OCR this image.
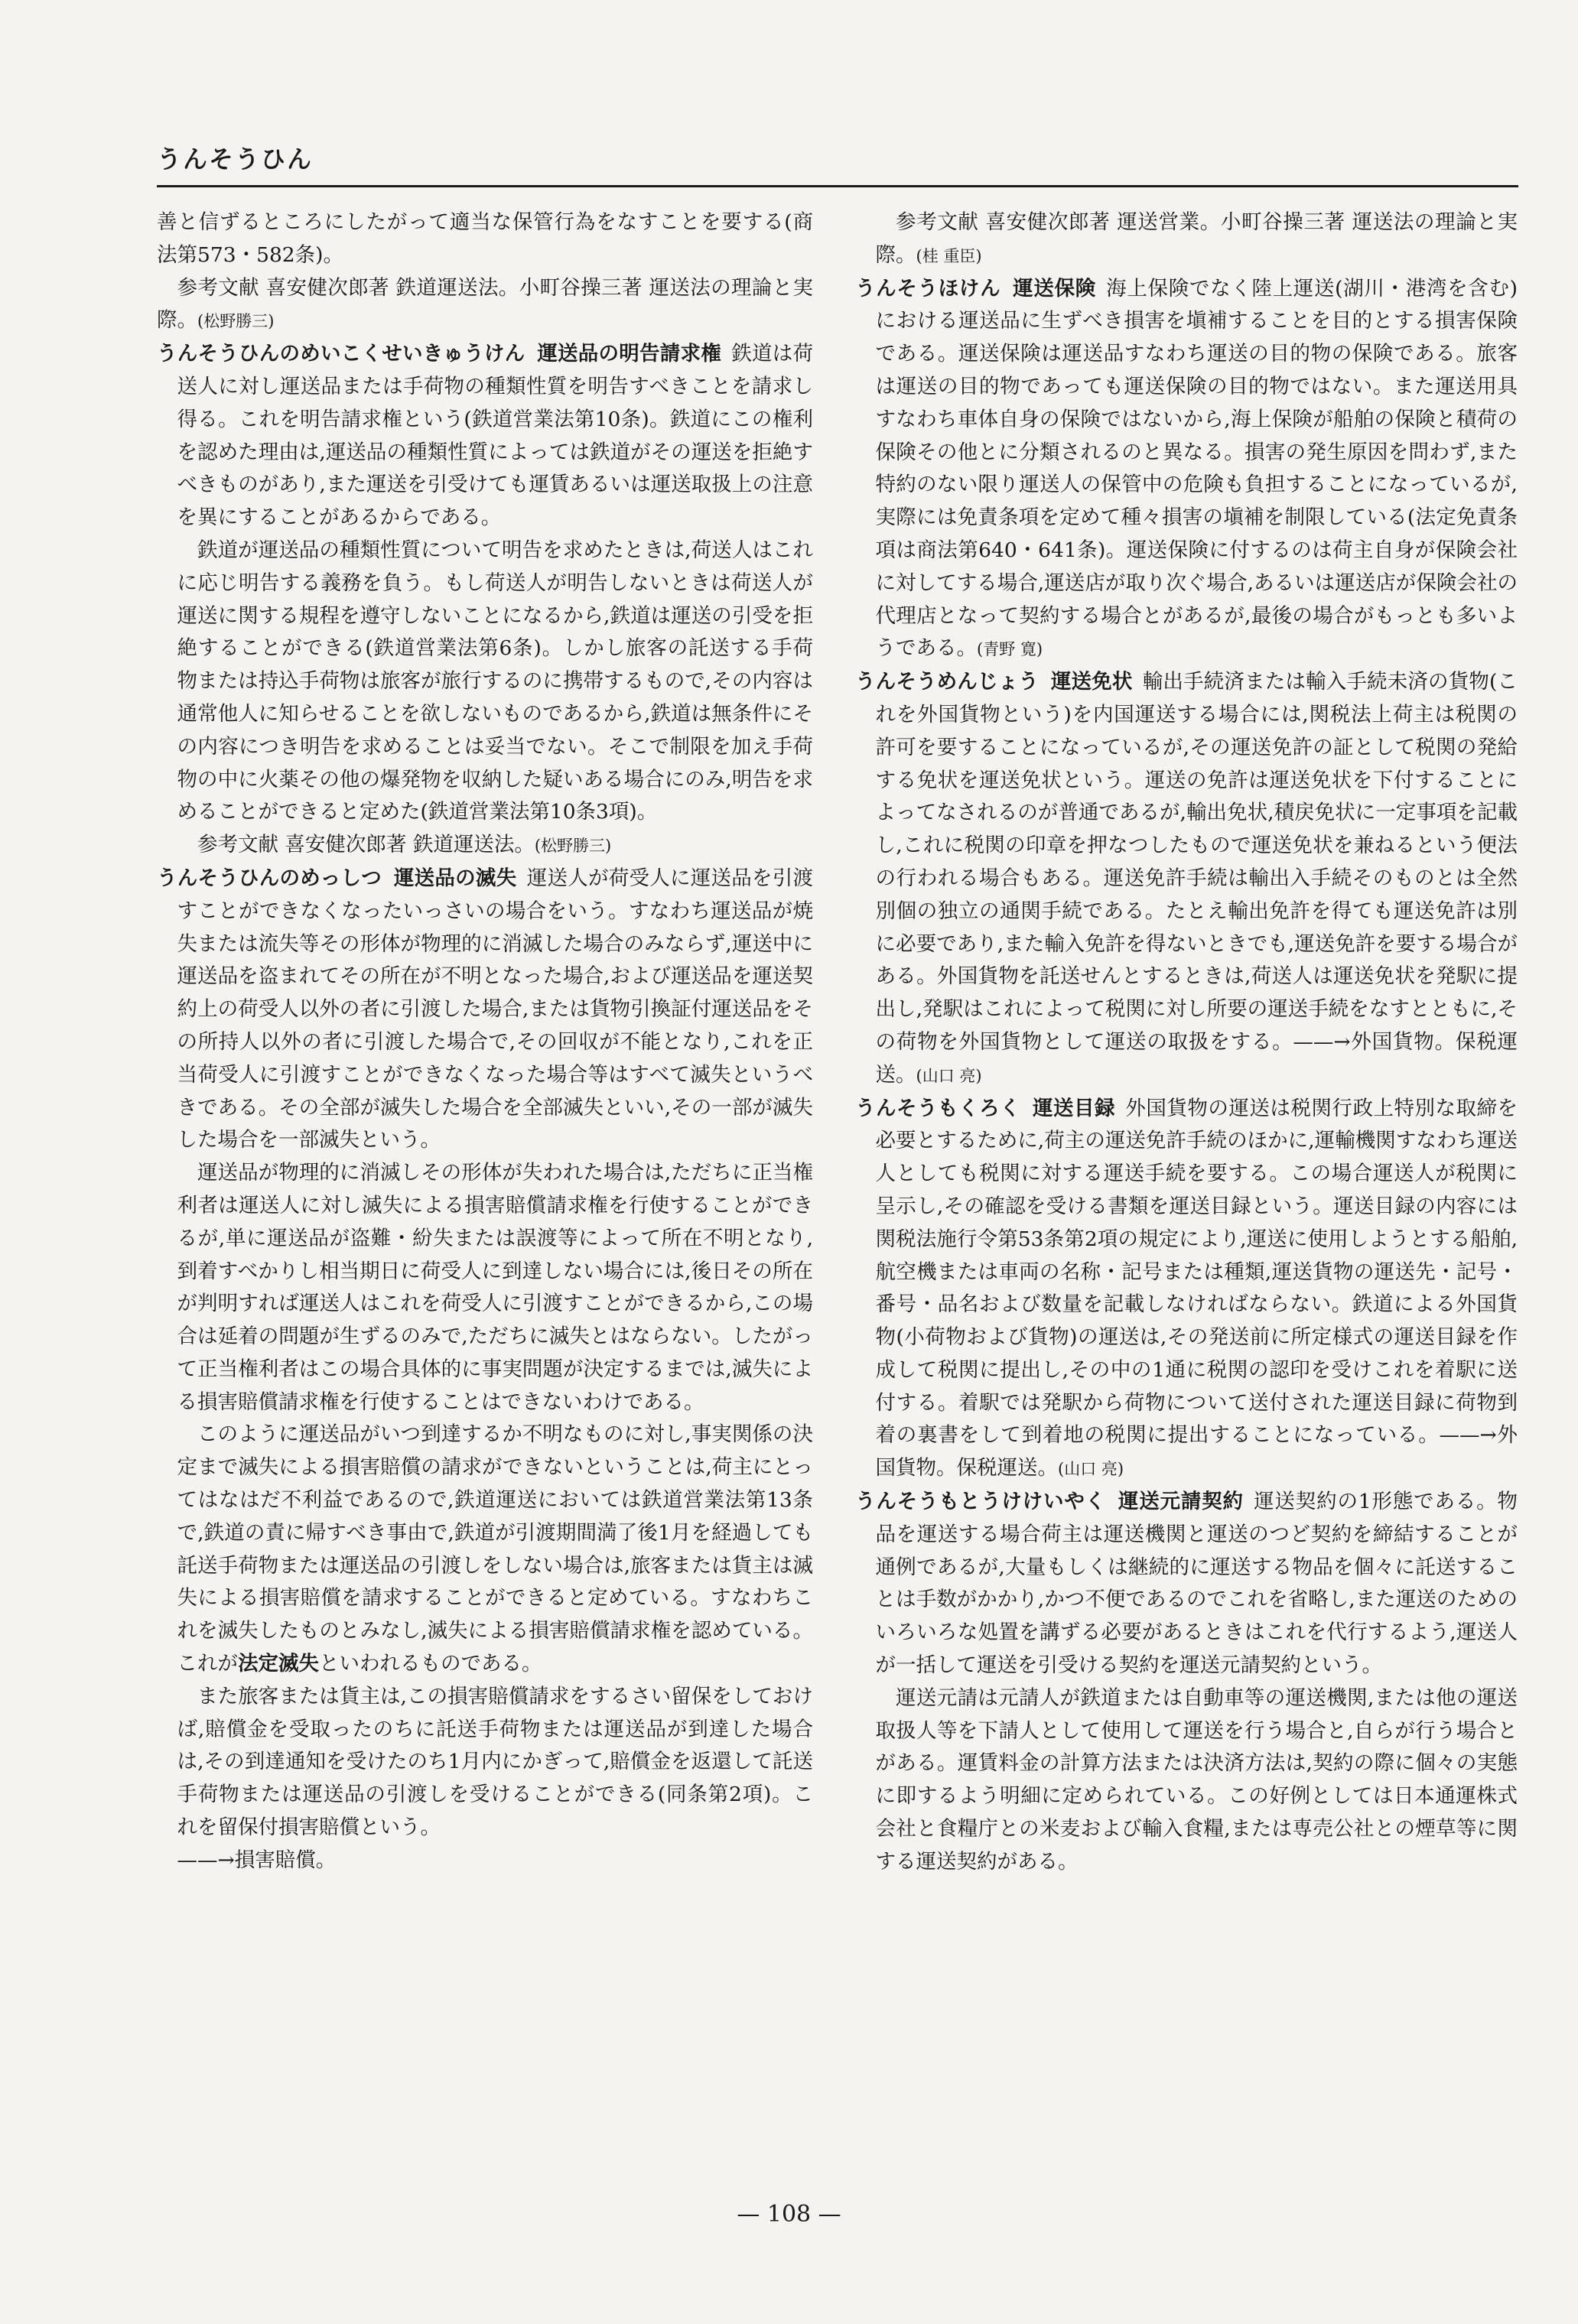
うんそうひん

善と信ずるところにしたがって適当な保管行為をなすことを要する(商法第573・582条)。

参考文献 喜安健次郎著 鉄道運送法。小町谷操三著 運送法の理論と実際。(松野勝三)

うんそうひんのめいこくせいきゅうけん 運送品の明告請求権 鉄道は荷送人に対し運送品または手荷物の種類性質を明告すべきことを請求し得る。これを明告請求権という(鉄道営業法第10条)。鉄道にこの権利を認めた理由は,運送品の種類性質によっては鉄道がその運送を拒絶すべきものがあり,また運送を引受けても運賃あるいは運送取扱上の注意を異にすることがあるからである。

鉄道が運送品の種類性質について明告を求めたときは,荷送人はこれに応じ明告する義務を負う。もし荷送人が明告しないときは荷送人が運送に関する規程を遵守しないことになるから,鉄道は運送の引受を拒絶することができる(鉄道営業法第6条)。しかし旅客の託送する手荷物または持込手荷物は旅客が旅行するのに携帯するもので,その内容は通常他人に知らせることを欲しないものであるから,鉄道は無条件にその内容につき明告を求めることは妥当でない。そこで制限を加え手荷物の中に火薬その他の爆発物を収納した疑いある場合にのみ,明告を求めることができると定めた(鉄道営業法第10条3項)。

参考文献 喜安健次郎著 鉄道運送法。(松野勝三)

うんそうひんのめっしつ 運送品の滅失 運送人が荷受人に運送品を引渡すことができなくなったいっさいの場合をいう。すなわち運送品が焼失または流失等その形体が物理的に消滅した場合のみならず,運送中に運送品を盗まれてその所在が不明となった場合,および運送品を運送契約上の荷受人以外の者に引渡した場合,または貨物引換証付運送品をその所持人以外の者に引渡した場合で,その回収が不能となり,これを正当荷受人に引渡すことができなくなった場合等はすべて滅失というべきである。その全部が滅失した場合を全部滅失といい,その一部が滅失した場合を一部滅失という。

運送品が物理的に消滅しその形体が失われた場合は,ただちに正当権利者は運送人に対し滅失による損害賠償請求権を行使することができるが,単に運送品が盗難・紛失または誤渡等によって所在不明となり,到着すべかりし相当期日に荷受人に到達しない場合には,後日その所在が判明すれば運送人はこれを荷受人に引渡すことができるから,この場合は延着の問題が生ずるのみで,ただちに滅失とはならない。したがって正当権利者はこの場合具体的に事実問題が決定するまでは,滅失による損害賠償請求権を行使することはできないわけである。

このように運送品がいつ到達するか不明なものに対し,事実関係の決定まで滅失による損害賠償の請求ができないということは,荷主にとってはなはだ不利益であるので,鉄道運送においては鉄道営業法第13条で,鉄道の責に帰すべき事由で,鉄道が引渡期間満了後1月を経過しても託送手荷物または運送品の引渡しをしない場合は,旅客または貨主は滅失による損害賠償を請求することができると定めている。すなわちこれを滅失したものとみなし,滅失による損害賠償請求権を認めている。これが法定滅失といわれるものである。

また旅客または貨主は,この損害賠償請求をするさい留保をしておけば,賠償金を受取ったのちに託送手荷物または運送品が到達した場合は,その到達通知を受けたのち1月内にかぎって,賠償金を返還して託送手荷物または運送品の引渡しを受けることができる(同条第2項)。これを留保付損害賠償という。

——→損害賠償。

参考文献 喜安健次郎著 運送営業。小町谷操三著 運送法の理論と実際。(桂 重臣)

うんそうほけん 運送保険 海上保険でなく陸上運送(湖川・港湾を含む)における運送品に生ずべき損害を塡補することを目的とする損害保険である。運送保険は運送品すなわち運送の目的物の保険である。旅客は運送の目的物であっても運送保険の目的物ではない。また運送用具すなわち車体自身の保険ではないから,海上保険が船舶の保険と積荷の保険その他とに分類されるのと異なる。損害の発生原因を問わず,また特約のない限り運送人の保管中の危険も負担することになっているが,実際には免責条項を定めて種々損害の塡補を制限している(法定免責条項は商法第640・641条)。運送保険に付するのは荷主自身が保険会社に対してする場合,運送店が取り次ぐ場合,あるいは運送店が保険会社の代理店となって契約する場合とがあるが,最後の場合がもっとも多いようである。(青野 寛)

うんそうめんじょう 運送免状 輸出手続済または輸入手続未済の貨物(これを外国貨物という)を内国運送する場合には,関税法上荷主は税関の許可を要することになっているが,その運送免許の証として税関の発給する免状を運送免状という。運送の免許は運送免状を下付することによってなされるのが普通であるが,輸出免状,積戻免状に一定事項を記載し,これに税関の印章を押なつしたもので運送免状を兼ねるという便法の行われる場合もある。運送免許手続は輸出入手続そのものとは全然別個の独立の通関手続である。たとえ輸出免許を得ても運送免許は別に必要であり,また輸入免許を得ないときでも,運送免許を要する場合がある。外国貨物を託送せんとするときは,荷送人は運送免状を発駅に提出し,発駅はこれによって税関に対し所要の運送手続をなすとともに,その荷物を外国貨物として運送の取扱をする。——→外国貨物。保税運送。(山口 亮)

うんそうもくろく 運送目録 外国貨物の運送は税関行政上特別な取締を必要とするために,荷主の運送免許手続のほかに,運輸機関すなわち運送人としても税関に対する運送手続を要する。この場合運送人が税関に呈示し,その確認を受ける書類を運送目録という。運送目録の内容には関税法施行令第53条第2項の規定により,運送に使用しようとする船舶,航空機または車両の名称・記号または種類,運送貨物の運送先・記号・番号・品名および数量を記載しなければならない。鉄道による外国貨物(小荷物および貨物)の運送は,その発送前に所定様式の運送目録を作成して税関に提出し,その中の1通に税関の認印を受けこれを着駅に送付する。着駅では発駅から荷物について送付された運送目録に荷物到着の裏書をして到着地の税関に提出することになっている。——→外国貨物。保税運送。(山口 亮)

うんそうもとうけけいやく 運送元請契約 運送契約の1形態である。物品を運送する場合荷主は運送機関と運送のつど契約を締結することが通例であるが,大量もしくは継続的に運送する物品を個々に託送することは手数がかかり,かつ不便であるのでこれを省略し,また運送のためのいろいろな処置を講ずる必要があるときはこれを代行するよう,運送人が一括して運送を引受ける契約を運送元請契約という。

運送元請は元請人が鉄道または自動車等の運送機関,または他の運送取扱人等を下請人として使用して運送を行う場合と,自らが行う場合とがある。運賃料金の計算方法または決済方法は,契約の際に個々の実態に即するよう明細に定められている。この好例としては日本通運株式会社と食糧庁との米麦および輸入食糧,または専売公社との煙草等に関する運送契約がある。

— 108 —
